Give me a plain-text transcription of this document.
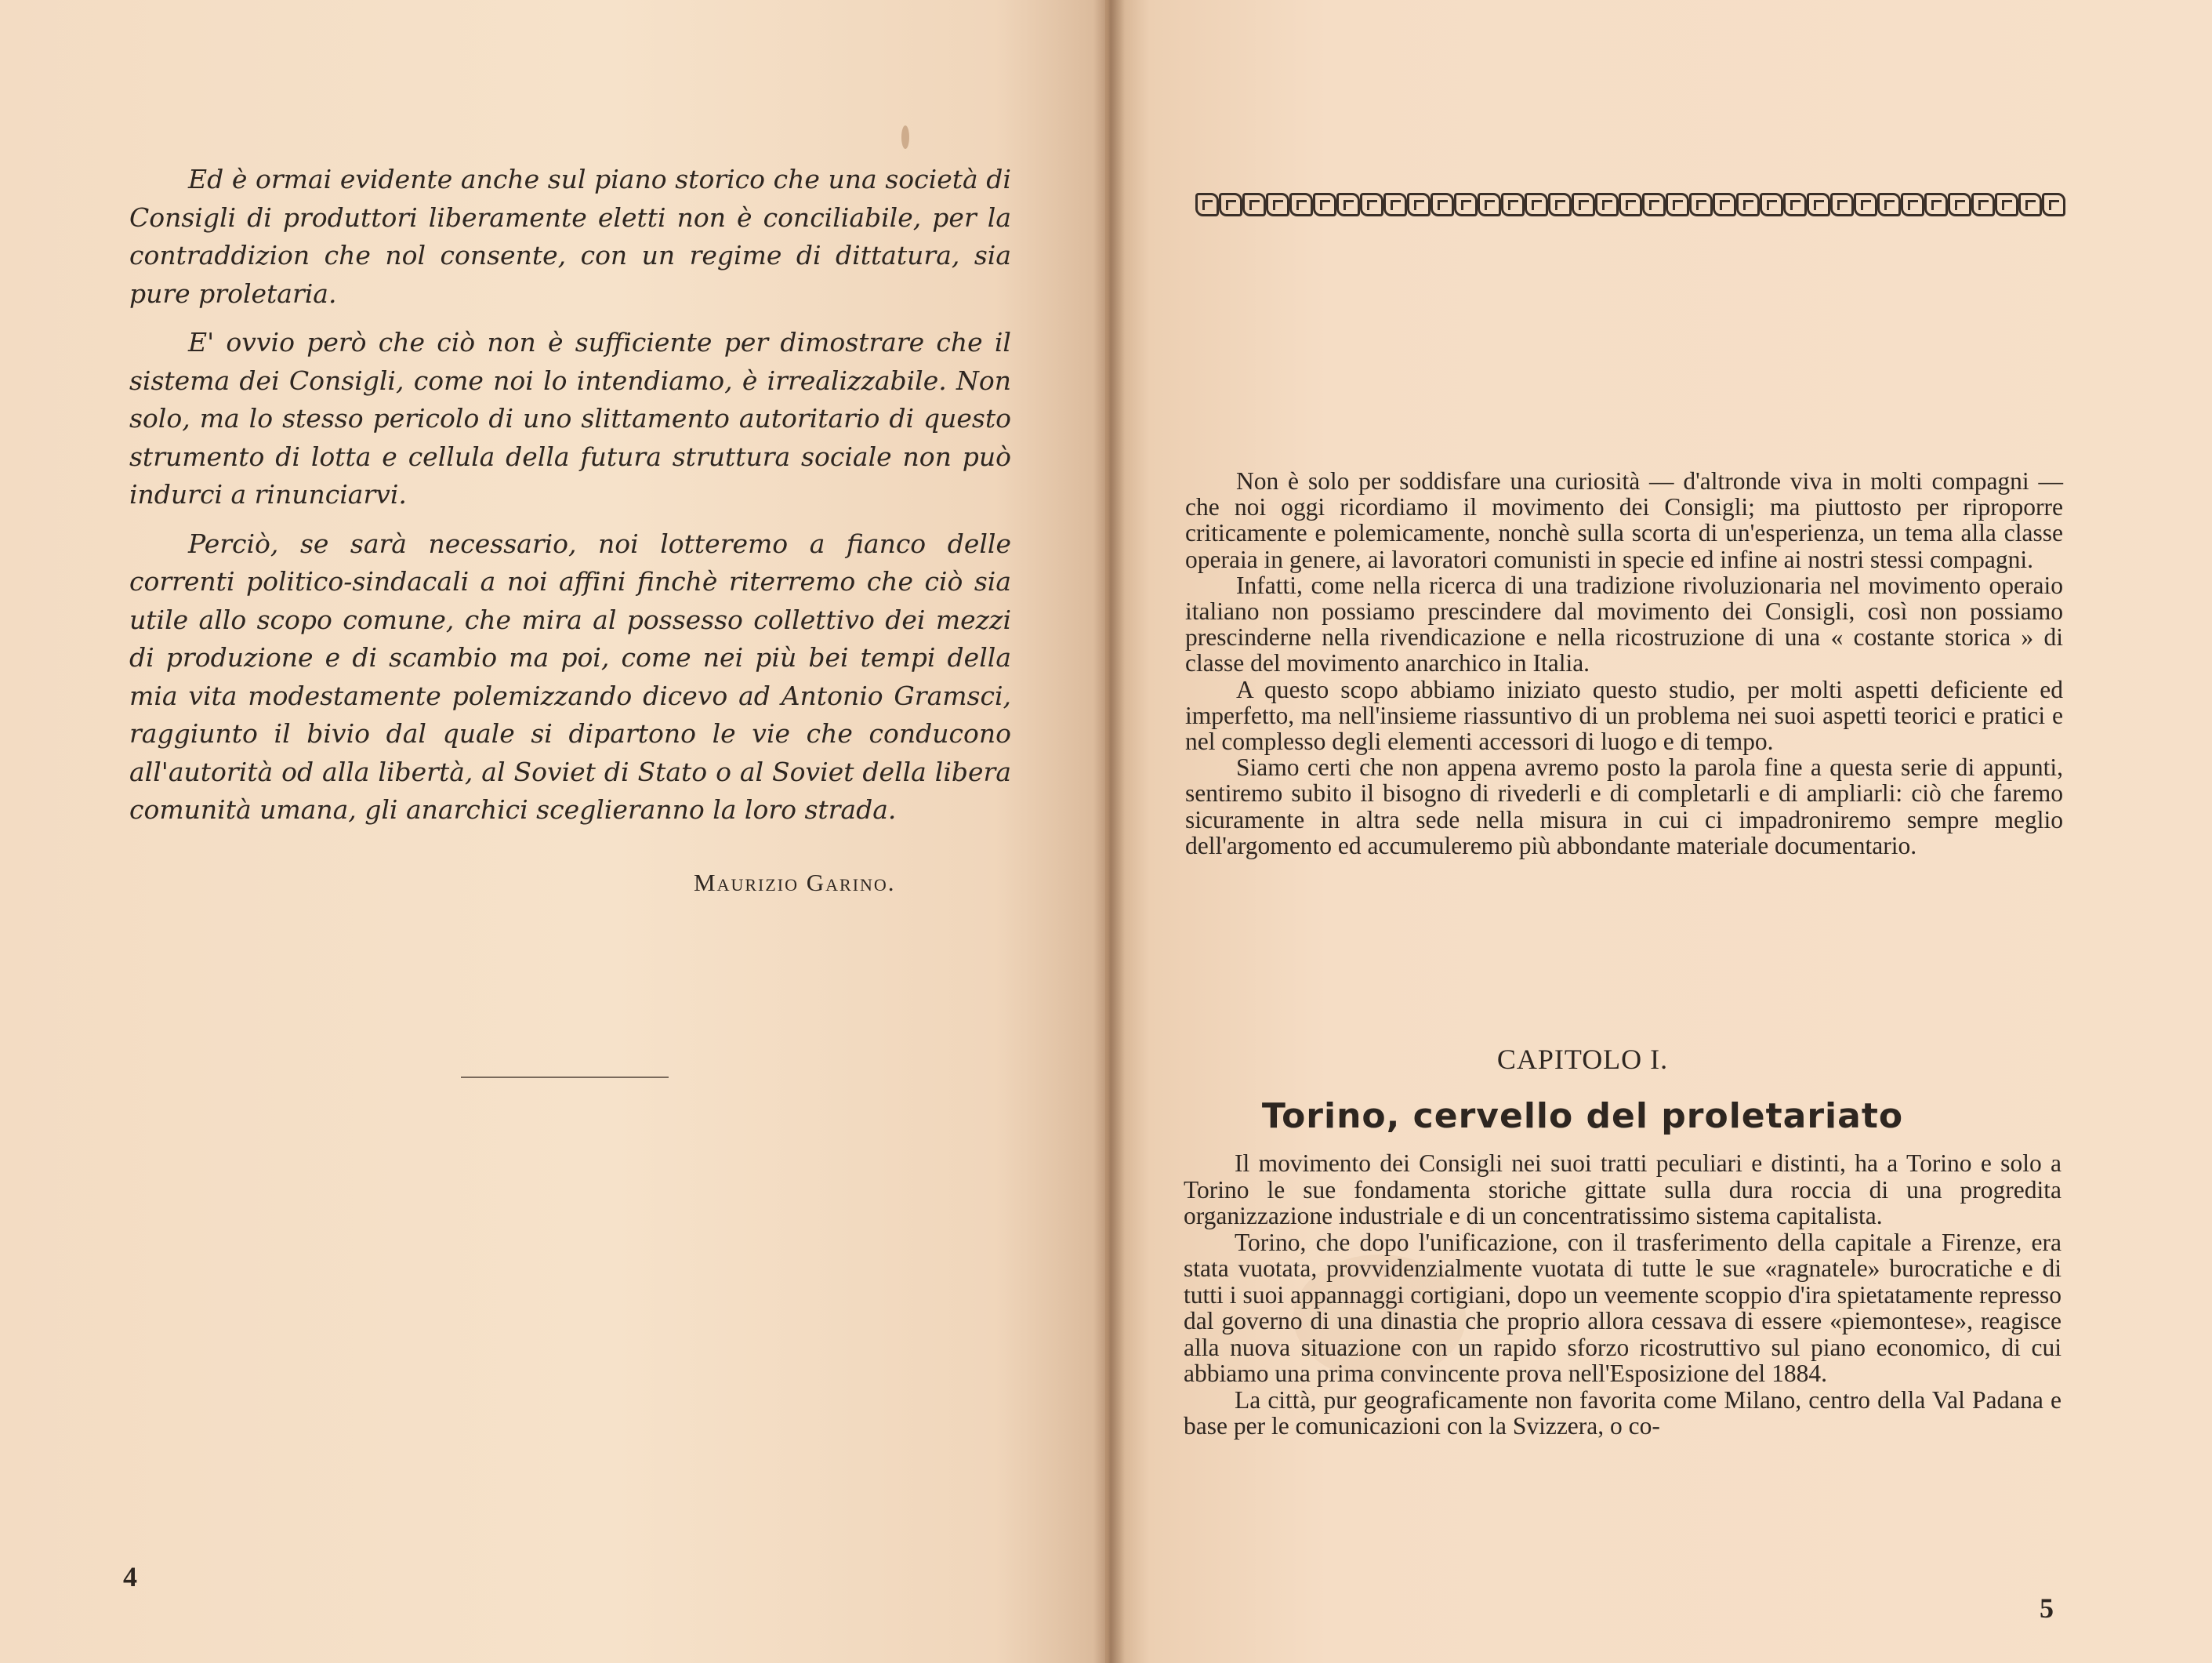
Ed è ormai evidente anche sul piano storico che una società di Consigli di produttori liberamente eletti non è conciliabile, per la contraddizion che nol consente, con un regime di dittatura, sia pure proletaria.

E' ovvio però che ciò non è sufficiente per dimostrare che il sistema dei Consigli, come noi lo intendiamo, è irrealizzabile. Non solo, ma lo stesso pericolo di uno slittamento autoritario di questo strumento di lotta e cellula della futura struttura sociale non può indurci a rinunciarvi.

Perciò, se sarà necessario, noi lotteremo a fianco delle correnti politico-sindacali a noi affini finchè riterremo che ciò sia utile allo scopo comune, che mira al possesso collettivo dei mezzi di produzione e di scambio ma poi, come nei più bei tempi della mia vita modestamente polemizzando dicevo ad Antonio Gramsci, raggiunto il bivio dal quale si dipartono le vie che conducono all'autorità od alla libertà, al Soviet di Stato o al Soviet della libera comunità umana, gli anarchici sceglieranno la loro strada.

Maurizio Garino.
4

Non è solo per soddisfare una curiosità — d'altronde viva in molti compagni — che noi oggi ricordiamo il movimento dei Consigli; ma piuttosto per riproporre criticamente e polemicamente, nonchè sulla scorta di un'esperienza, un tema alla classe operaia in genere, ai lavoratori comunisti in specie ed infine ai nostri stessi compagni.

Infatti, come nella ricerca di una tradizione rivoluzionaria nel movimento operaio italiano non possiamo prescindere dal movimento dei Consigli, così non possiamo prescinderne nella rivendicazione e nella ricostruzione di una « costante storica » di classe del movimento anarchico in Italia.

A questo scopo abbiamo iniziato questo studio, per molti aspetti deficiente ed imperfetto, ma nell'insieme riassuntivo di un problema nei suoi aspetti teorici e pratici e nel complesso degli elementi accessori di luogo e di tempo.

Siamo certi che non appena avremo posto la parola fine a questa serie di appunti, sentiremo subito il bisogno di rivederli e di completarli e di ampliarli: ciò che faremo sicuramente in altra sede nella misura in cui ci impadroniremo sempre meglio dell'argomento ed accumuleremo più abbondante materiale documentario.

CAPITOLO I.
Torino, cervello del proletariato

Il movimento dei Consigli nei suoi tratti peculiari e distinti, ha a Torino e solo a Torino le sue fondamenta storiche gittate sulla dura roccia di una progredita organizzazione industriale e di un concentratissimo sistema capitalista.

Torino, che dopo l'unificazione, con il trasferimento della capitale a Firenze, era stata vuotata, provvidenzialmente vuotata di tutte le sue «ragnatele» burocratiche e di tutti i suoi appannaggi cortigiani, dopo un veemente scoppio d'ira spietatamente represso dal governo di una dinastia che proprio allora cessava di essere «piemontese», reagisce alla nuova situazione con un rapido sforzo ricostruttivo sul piano economico, di cui abbiamo una prima convincente prova nell'Esposizione del 1884.

La città, pur geograficamente non favorita come Milano, centro della Val Padana e base per le comunicazioni con la Svizzera, o co-

5
